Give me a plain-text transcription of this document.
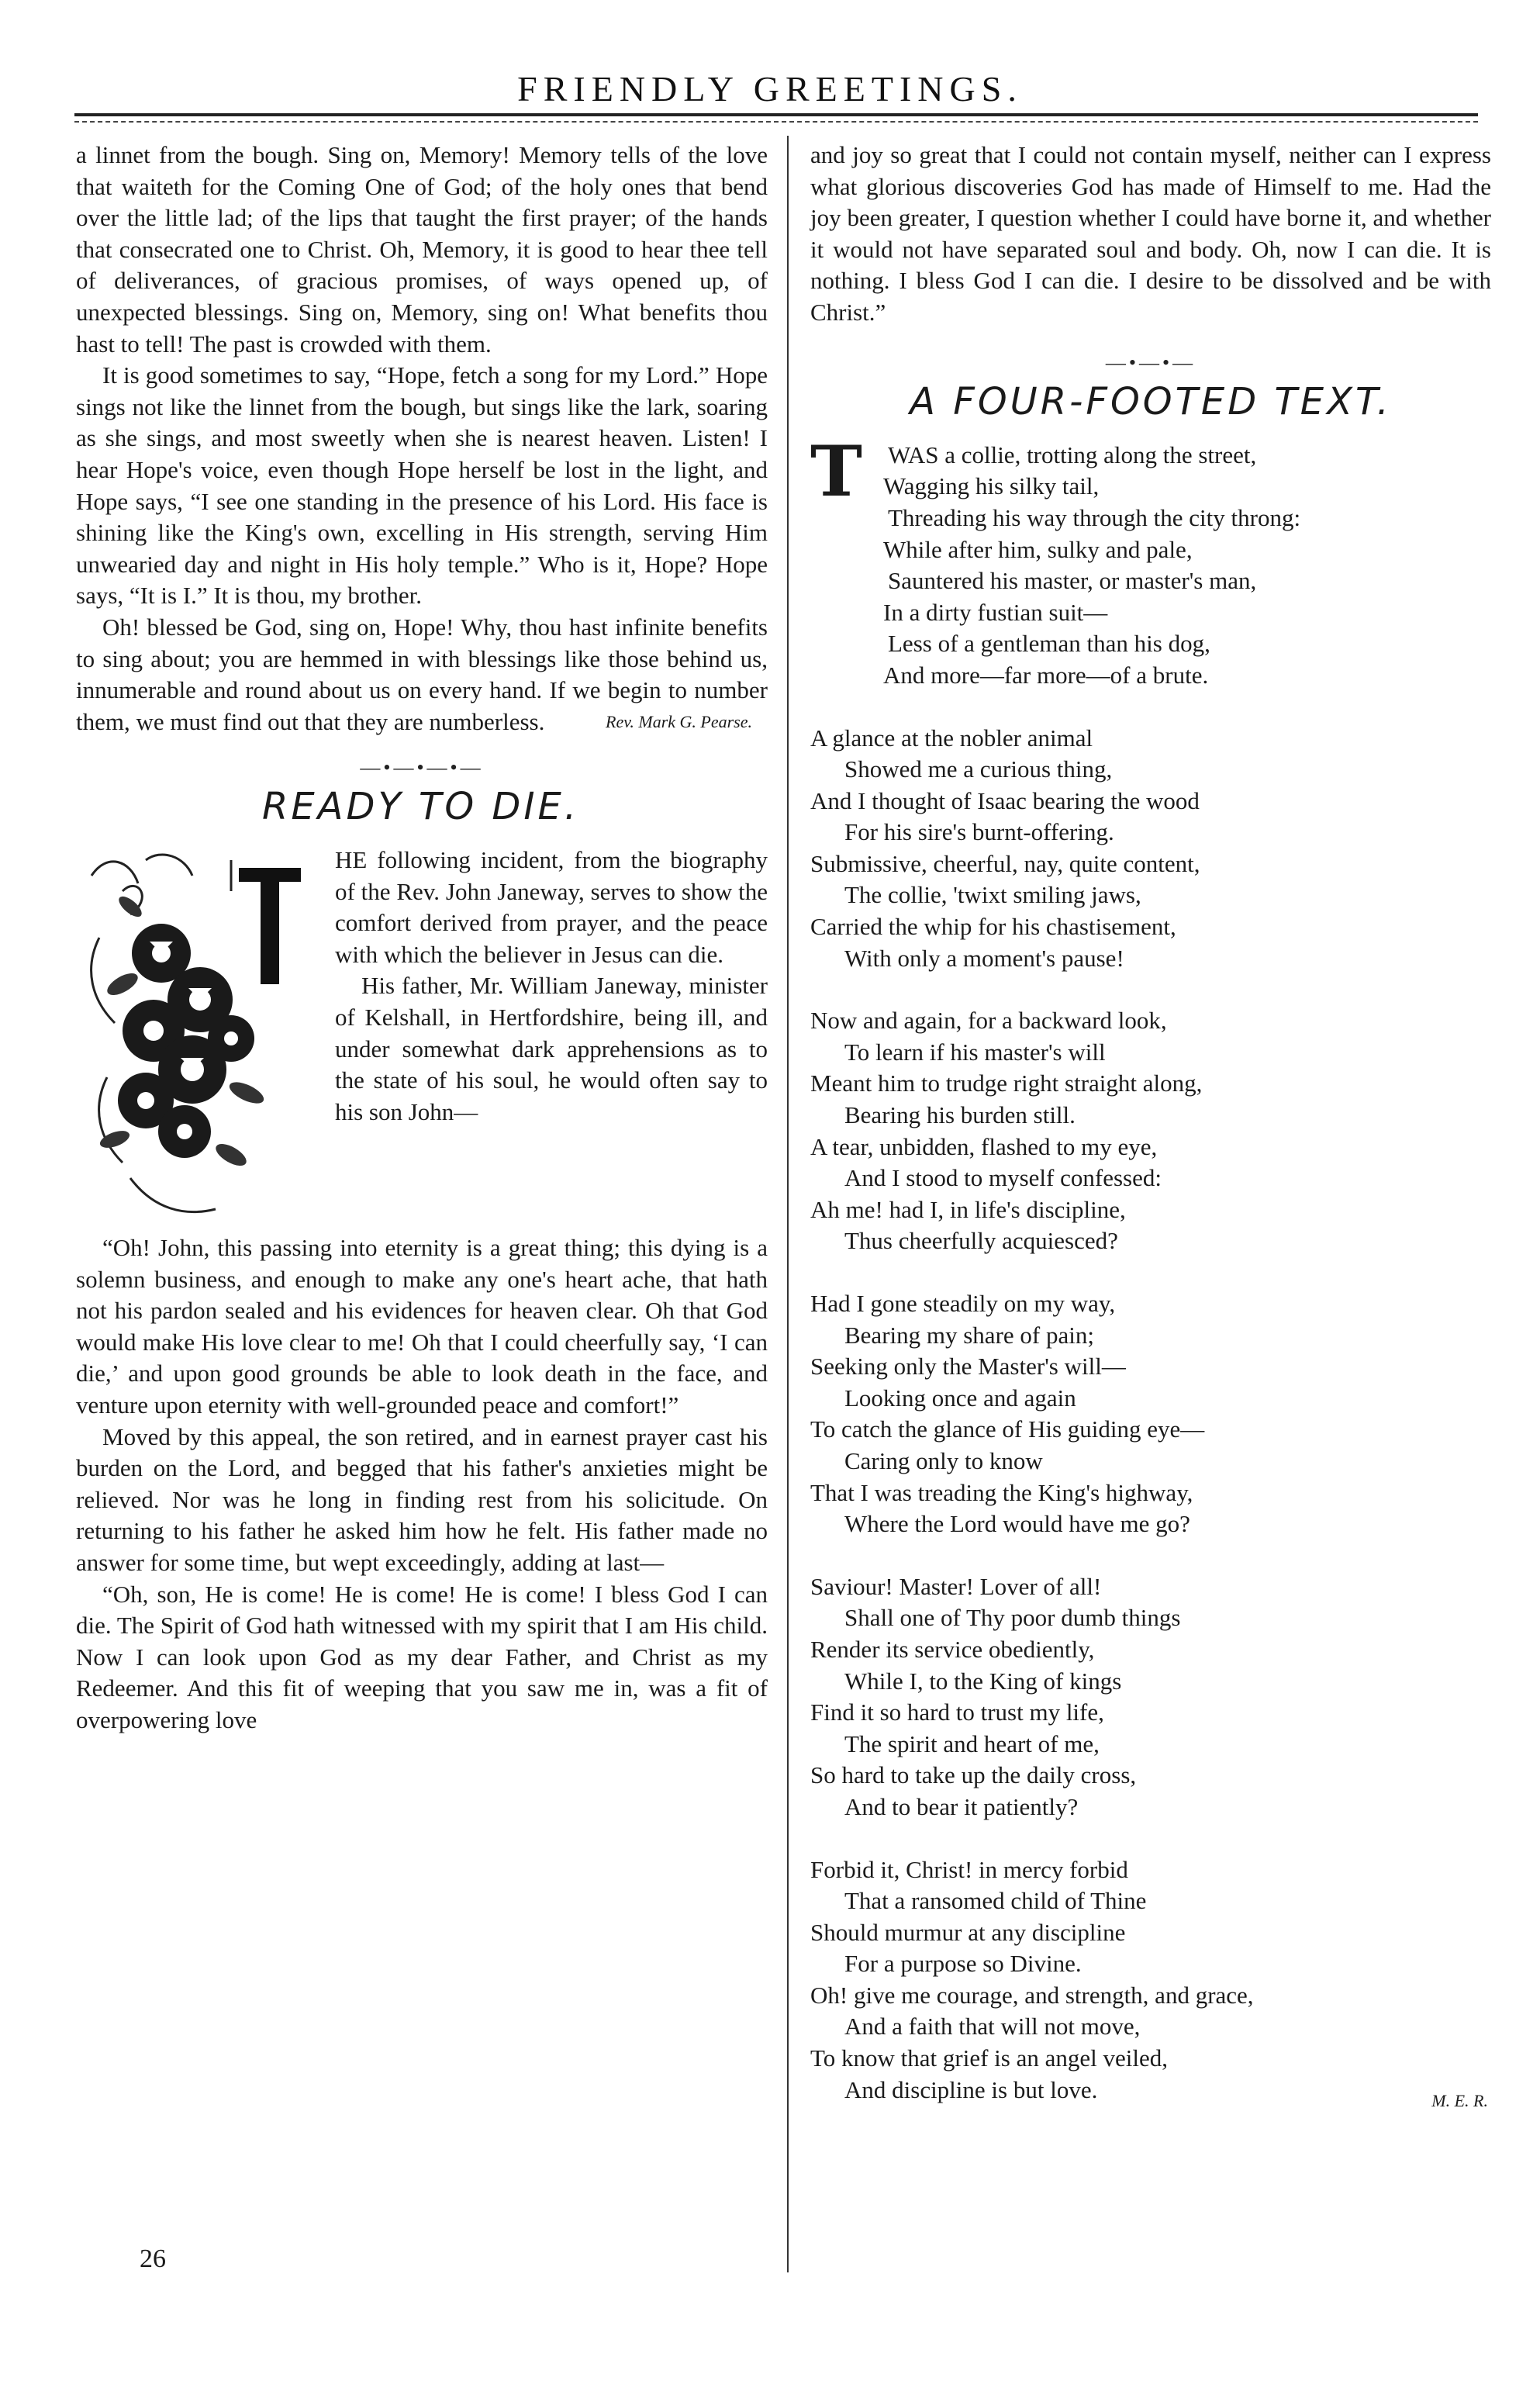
FRIENDLY GREETINGS.

a linnet from the bough. Sing on, Memory! Memory tells of the love that waiteth for the Coming One of God; of the holy ones that bend over the little lad; of the lips that taught the first prayer; of the hands that consecrated one to Christ. Oh, Memory, it is good to hear thee tell of deliverances, of gracious promises, of ways opened up, of unexpected blessings. Sing on, Memory, sing on! What benefits thou hast to tell! The past is crowded with them.

It is good sometimes to say, “Hope, fetch a song for my Lord.” Hope sings not like the linnet from the bough, but sings like the lark, soaring as she sings, and most sweetly when she is nearest heaven. Listen! I hear Hope's voice, even though Hope herself be lost in the light, and Hope says, “I see one standing in the presence of his Lord. His face is shining like the King's own, excelling in His strength, serving Him unwearied day and night in His holy temple.” Who is it, Hope? Hope says, “It is I.” It is thou, my brother.

Oh! blessed be God, sing on, Hope! Why, thou hast infinite benefits to sing about; you are hemmed in with blessings like those behind us, innumerable and round about us on every hand. If we begin to number them, we must find out that they are numberless.	Rev. Mark G. Pearse.
—•—•—•—
READY TO DIE.

HE following incident, from the biography of the Rev. John Janeway, serves to show the comfort derived from prayer, and the peace with which the believer in Jesus can die.

His father, Mr. William Janeway, minister of Kelshall, in Hertfordshire, being ill, and under somewhat dark apprehensions as to the state of his soul, he would often say to his son John—

“Oh! John, this passing into eternity is a great thing; this dying is a solemn business, and enough to make any one's heart ache, that hath not his pardon sealed and his evidences for heaven clear. Oh that God would make His love clear to me! Oh that I could cheerfully say, ‘I can die,’ and upon good grounds be able to look death in the face, and venture upon eternity with well-grounded peace and comfort!”

Moved by this appeal, the son retired, and in earnest prayer cast his burden on the Lord, and begged that his father's anxieties might be relieved. Nor was he long in finding rest from his solicitude. On returning to his father he asked him how he felt. His father made no answer for some time, but wept exceedingly, adding at last—

“Oh, son, He is come! He is come! He is come! I bless God I can die. The Spirit of God hath witnessed with my spirit that I am His child. Now I can look upon God as my dear Father, and Christ as my Redeemer. And this fit of weeping that you saw me in, was a fit of overpowering love

and joy so great that I could not contain myself, neither can I express what glorious discoveries God has made of Himself to me. Had the joy been greater, I question whether I could have borne it, and whether it would not have separated soul and body. Oh, now I can die. It is nothing. I bless God I can die. I desire to be dissolved and be with Christ.”

—•—•—
A FOUR-FOOTED TEXT.
T	WAS a collie, trotting along the street,
Wagging his silky tail,
Threading his way through the city throng:
While after him, sulky and pale,
Sauntered his master, or master's man,
In a dirty fustian suit—
Less of a gentleman than his dog,
And more—far more—of a brute.
A glance at the nobler animal
Showed me a curious thing,
And I thought of Isaac bearing the wood
For his sire's burnt-offering.
Submissive, cheerful, nay, quite content,
The collie, 'twixt smiling jaws,
Carried the whip for his chastisement,
With only a moment's pause!
Now and again, for a backward look,
To learn if his master's will
Meant him to trudge right straight along,
Bearing his burden still.
A tear, unbidden, flashed to my eye,
And I stood to myself confessed:
Ah me! had I, in life's discipline,
Thus cheerfully acquiesced?
Had I gone steadily on my way,
Bearing my share of pain;
Seeking only the Master's will—
Looking once and again
To catch the glance of His guiding eye—
Caring only to know
That I was treading the King's highway,
Where the Lord would have me go?
Saviour! Master! Lover of all!
Shall one of Thy poor dumb things
Render its service obediently,
While I, to the King of kings
Find it so hard to trust my life,
The spirit and heart of me,
So hard to take up the daily cross,
And to bear it patiently?
Forbid it, Christ! in mercy forbid
That a ransomed child of Thine
Should murmur at any discipline
For a purpose so Divine.
Oh! give me courage, and strength, and grace,
And a faith that will not move,
To know that grief is an angel veiled,
And discipline is but love.	M. E. R.
26
